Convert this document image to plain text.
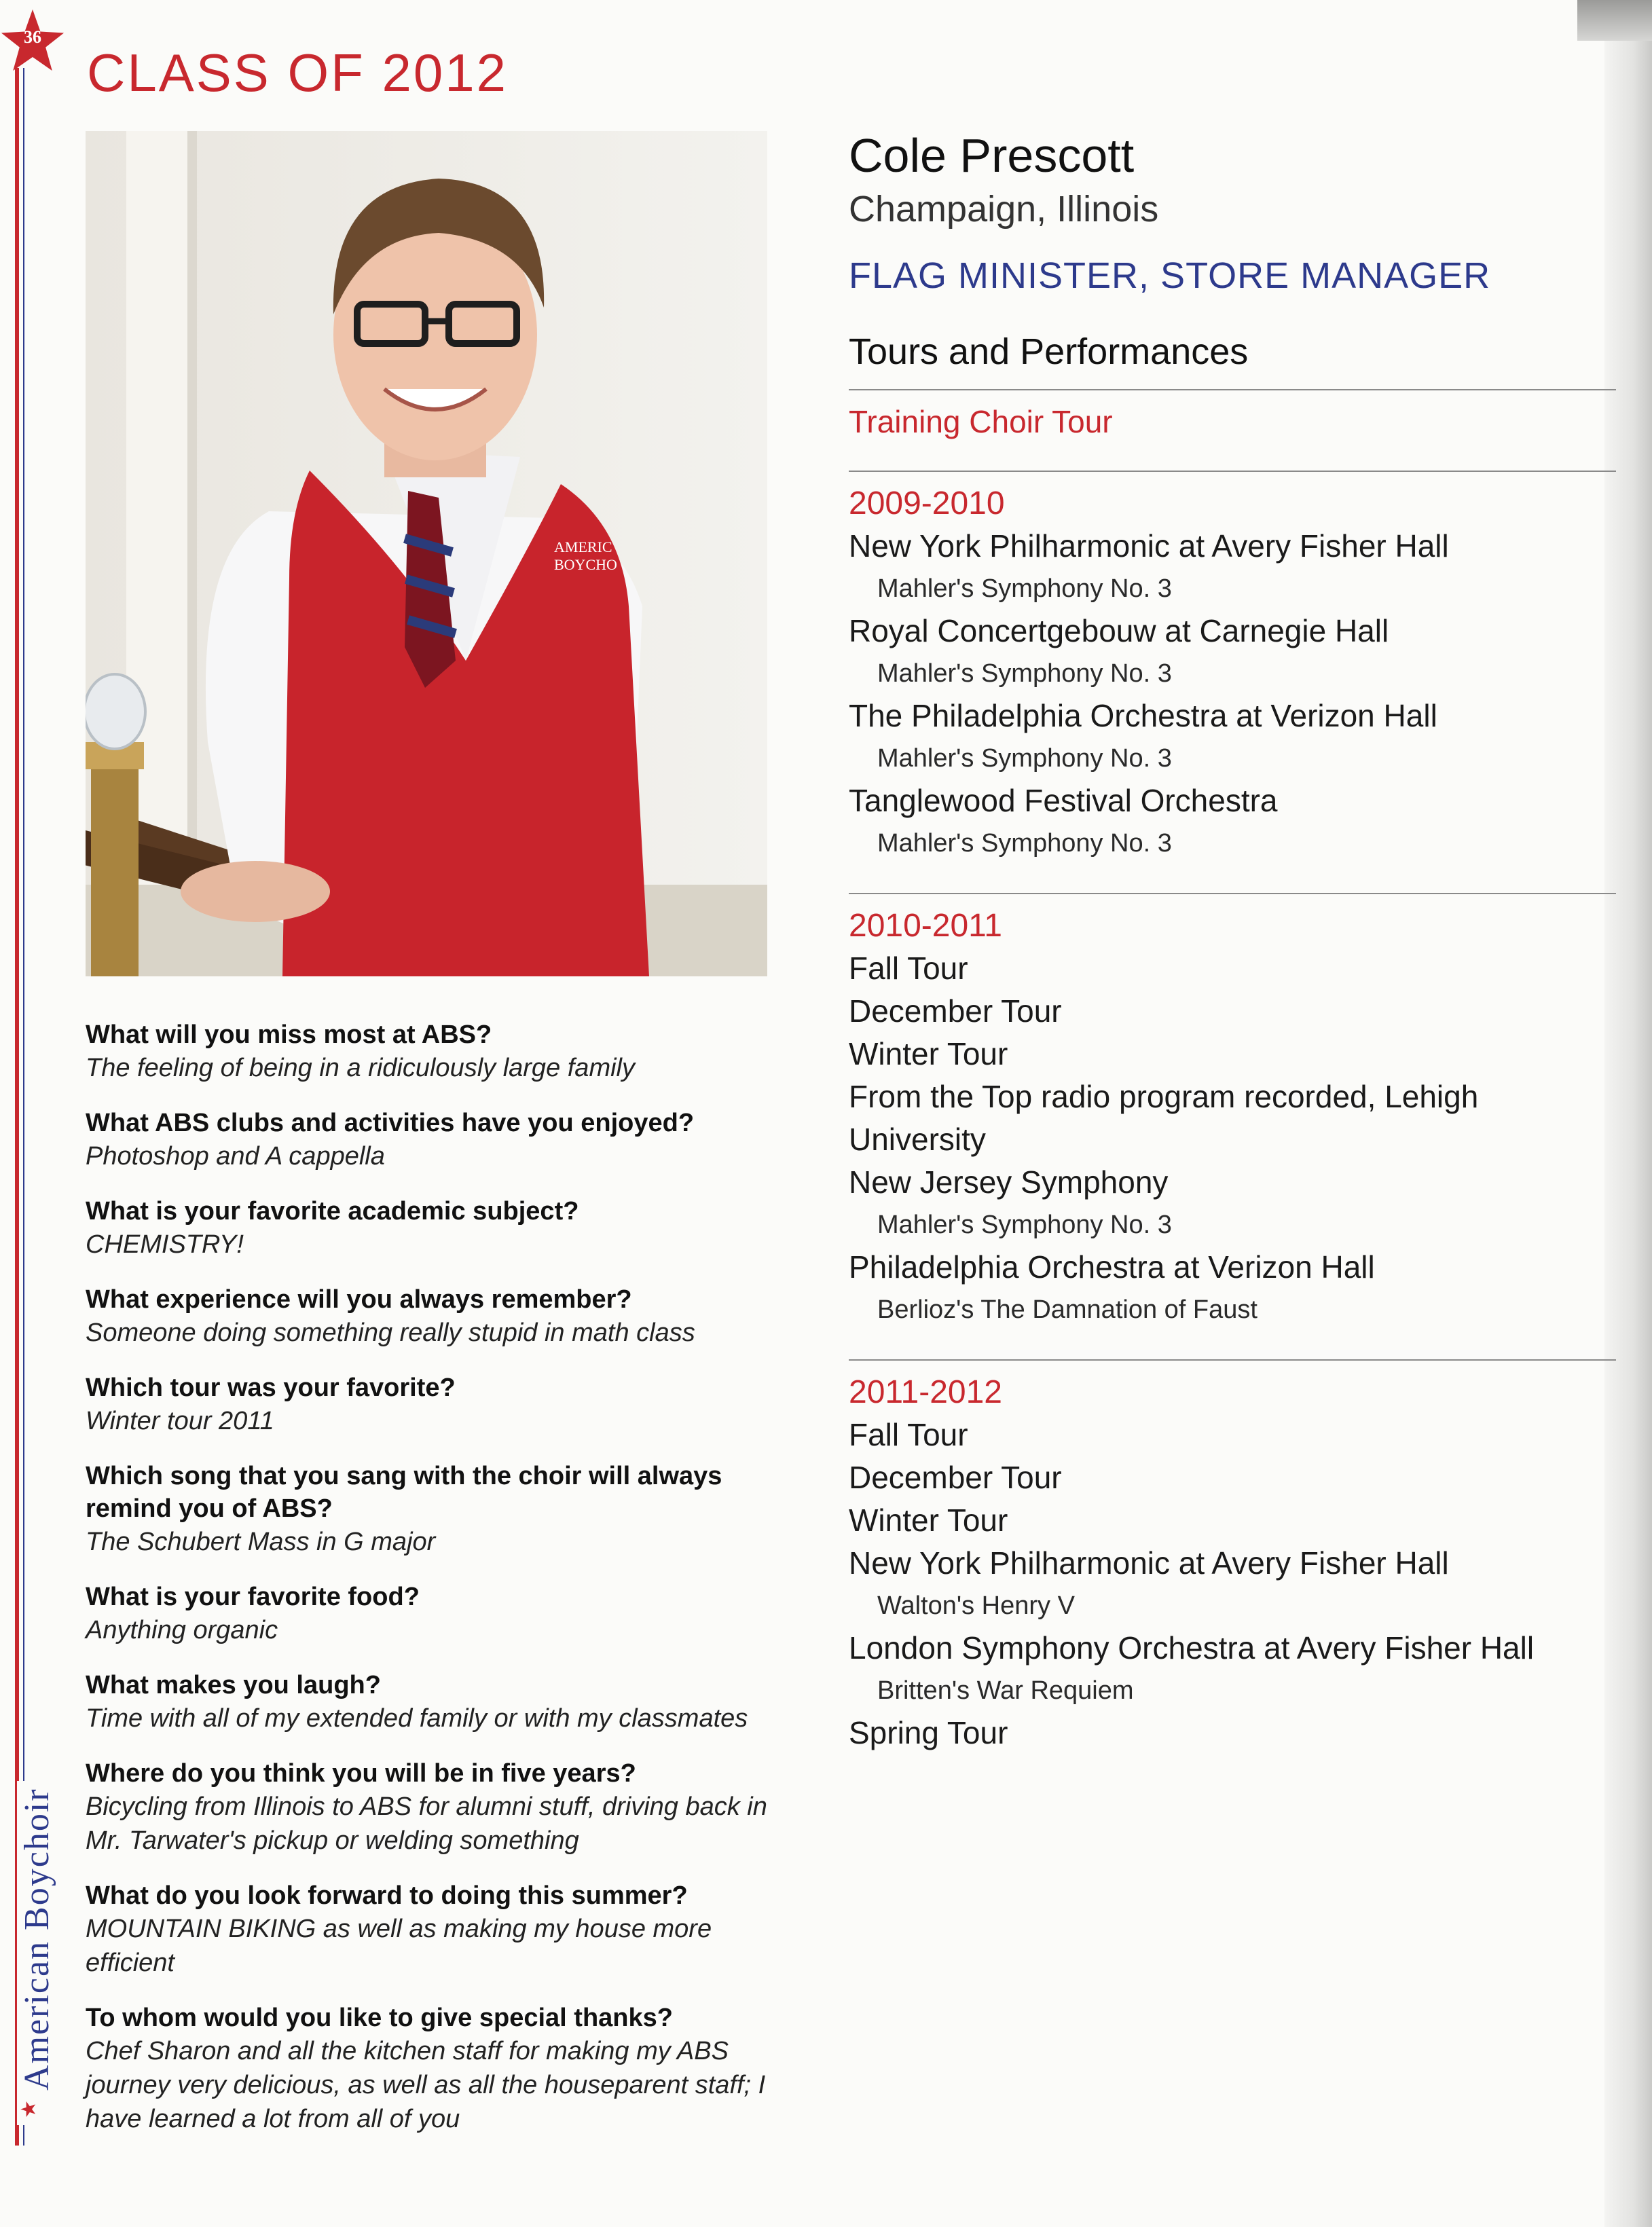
36
★ American Boychoir
CLASS OF 2012
AMERIC
BOYCHO
What will you miss most at ABS?
The feeling of being in a ridiculously large family
What ABS clubs and activities have you enjoyed?
Photoshop and A cappella
What is your favorite academic subject?
CHEMISTRY!
What experience will you always remember?
Someone doing something really stupid in math class
Which tour was your favorite?
Winter tour 2011
Which song that you sang with the choir will always remind you of ABS?
The Schubert Mass in G major
What is your favorite food?
Anything organic
What makes you laugh?
Time with all of my extended family or with my classmates
Where do you think you will be in five years?
Bicycling from Illinois to ABS for alumni stuff, driving back in Mr. Tarwater's pickup or welding something
What do you look forward to doing this summer?
MOUNTAIN BIKING as well as making my house more efficient
To whom would you like to give special thanks?
Chef Sharon and all the kitchen staff for making my ABS journey very delicious, as well as all the houseparent staff; I have learned a lot from all of you
Cole Prescott
Champaign, Illinois
FLAG MINISTER, STORE MANAGER
Tours and Performances
Training Choir Tour
2009-2010
New York Philharmonic at Avery Fisher Hall
Mahler's Symphony No. 3
Royal Concertgebouw at Carnegie Hall
Mahler's Symphony No. 3
The Philadelphia Orchestra at Verizon Hall
Mahler's Symphony No. 3
Tanglewood Festival Orchestra
Mahler's Symphony No. 3
2010-2011
Fall Tour
December Tour
Winter Tour
From the Top radio program recorded, Lehigh University
New Jersey Symphony
Mahler's Symphony No. 3
Philadelphia Orchestra at Verizon Hall
Berlioz's The Damnation of Faust
2011-2012
Fall Tour
December Tour
Winter Tour
New York Philharmonic at Avery Fisher Hall
Walton's Henry V
London Symphony Orchestra at Avery Fisher Hall
Britten's War Requiem
Spring Tour
